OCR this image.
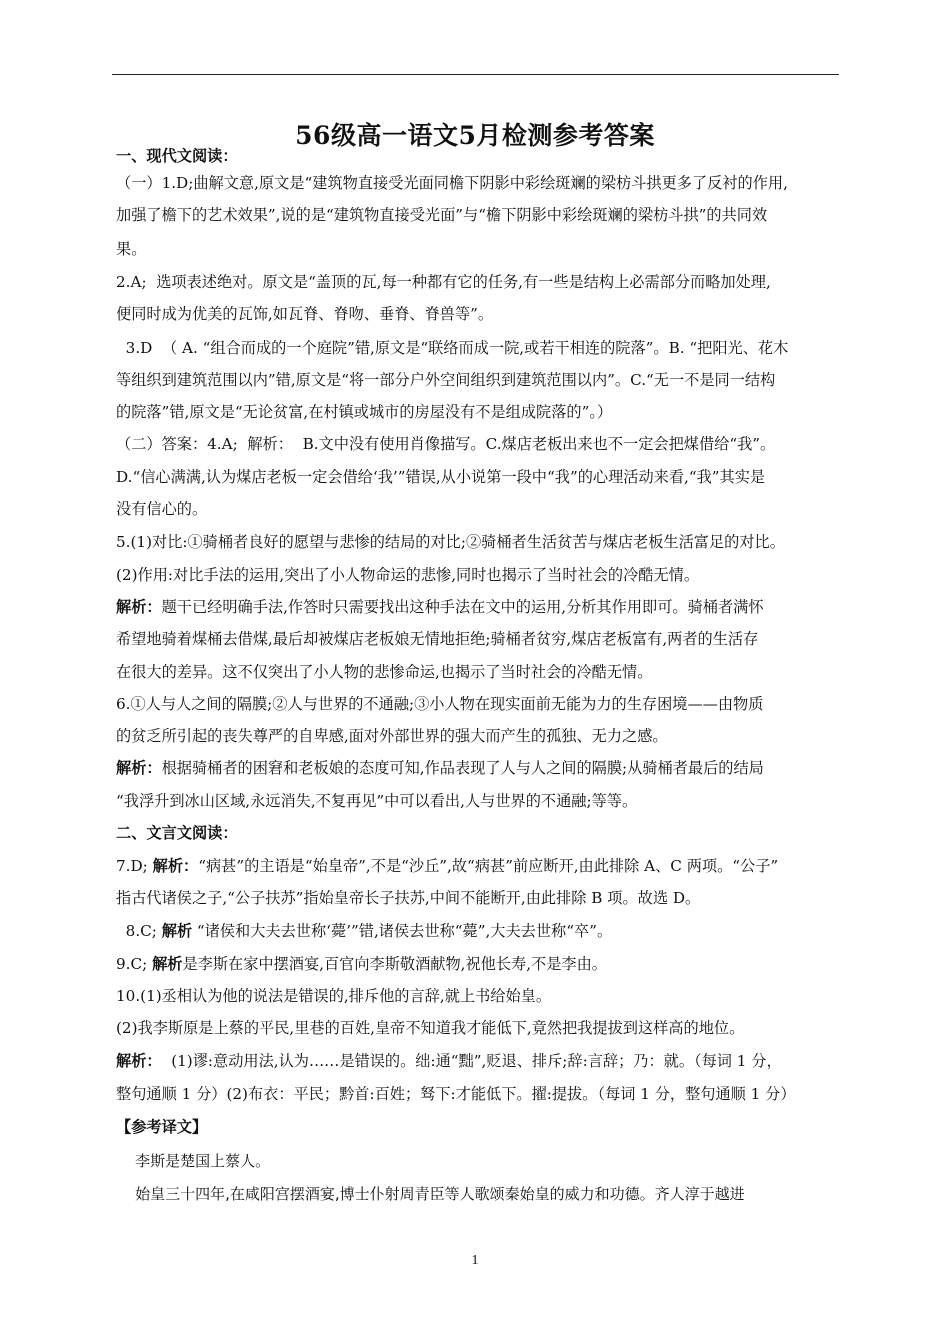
56级高一语文5月检测参考答案
一、现代文阅读：
（一）1.D;曲解文意,原文是“建筑物直接受光面同檐下阴影中彩绘斑斓的梁枋斗拱更多了反衬的作用,
加强了檐下的艺术效果”,说的是“建筑物直接受光面”与“檐下阴影中彩绘斑斓的梁枋斗拱”的共同效
果。
2.A;  选项表述绝对。原文是“盖顶的瓦,每一种都有它的任务,有一些是结构上必需部分而略加处理,
便同时成为优美的瓦饰,如瓦脊、脊吻、垂脊、脊兽等”。
3.D  （ A. “组合而成的一个庭院”错,原文是“联络而成一院,或若干相连的院落”。B. “把阳光、花木
等组织到建筑范围以内”错,原文是“将一部分户外空间组织到建筑范围以内”。C.“无一不是同一结构
的院落”错,原文是“无论贫富,在村镇或城市的房屋没有不是组成院落的”。）
（二）答案：4.A;  解析：  B.文中没有使用肖像描写。C.煤店老板出来也不一定会把煤借给“我”。
D.“信心满满,认为煤店老板一定会借给‘我’”错误,从小说第一段中“我”的心理活动来看,“我”其实是
没有信心的。
5.(1)对比:①骑桶者良好的愿望与悲惨的结局的对比;②骑桶者生活贫苦与煤店老板生活富足的对比。
(2)作用:对比手法的运用,突出了小人物命运的悲惨,同时也揭示了当时社会的冷酷无情。
解析：题干已经明确手法,作答时只需要找出这种手法在文中的运用,分析其作用即可。骑桶者满怀
希望地骑着煤桶去借煤,最后却被煤店老板娘无情地拒绝;骑桶者贫穷,煤店老板富有,两者的生活存
在很大的差异。这不仅突出了小人物的悲惨命运,也揭示了当时社会的冷酷无情。
6.①人与人之间的隔膜;②人与世界的不通融;③小人物在现实面前无能为力的生存困境——由物质
的贫乏所引起的丧失尊严的自卑感,面对外部世界的强大而产生的孤独、无力之感。
解析：根据骑桶者的困窘和老板娘的态度可知,作品表现了人与人之间的隔膜;从骑桶者最后的结局
“我浮升到冰山区域,永远消失,不复再见”中可以看出,人与世界的不通融;等等。
二、文言文阅读：
7.D; 解析：“病甚”的主语是“始皇帝”,不是“沙丘”,故“病甚”前应断开,由此排除 A、C 两项。“公子”
指古代诸侯之子,“公子扶苏”指始皇帝长子扶苏,中间不能断开,由此排除 B 项。故选 D。
8.C; 解析 “诸侯和大夫去世称‘薨’”错,诸侯去世称“薨”,大夫去世称“卒”。
9.C; 解析是李斯在家中摆酒宴,百官向李斯敬酒献物,祝他长寿,不是李由。
10.(1)丞相认为他的说法是错误的,排斥他的言辞,就上书给始皇。
(2)我李斯原是上蔡的平民,里巷的百姓,皇帝不知道我才能低下,竟然把我提拔到这样高的地位。
解析：  (1)谬:意动用法,认为……是错误的。绌:通“黜”,贬退、排斥;辞:言辞；乃：就。（每词 1 分，
整句通顺 1 分）(2)布衣：平民；黔首:百姓；驽下:才能低下。擢:提拔。（每词 1 分，整句通顺 1 分）
【参考译文】
李斯是楚国上蔡人。
始皇三十四年,在咸阳宫摆酒宴,博士仆射周青臣等人歌颂秦始皇的威力和功德。齐人淳于越进
1
